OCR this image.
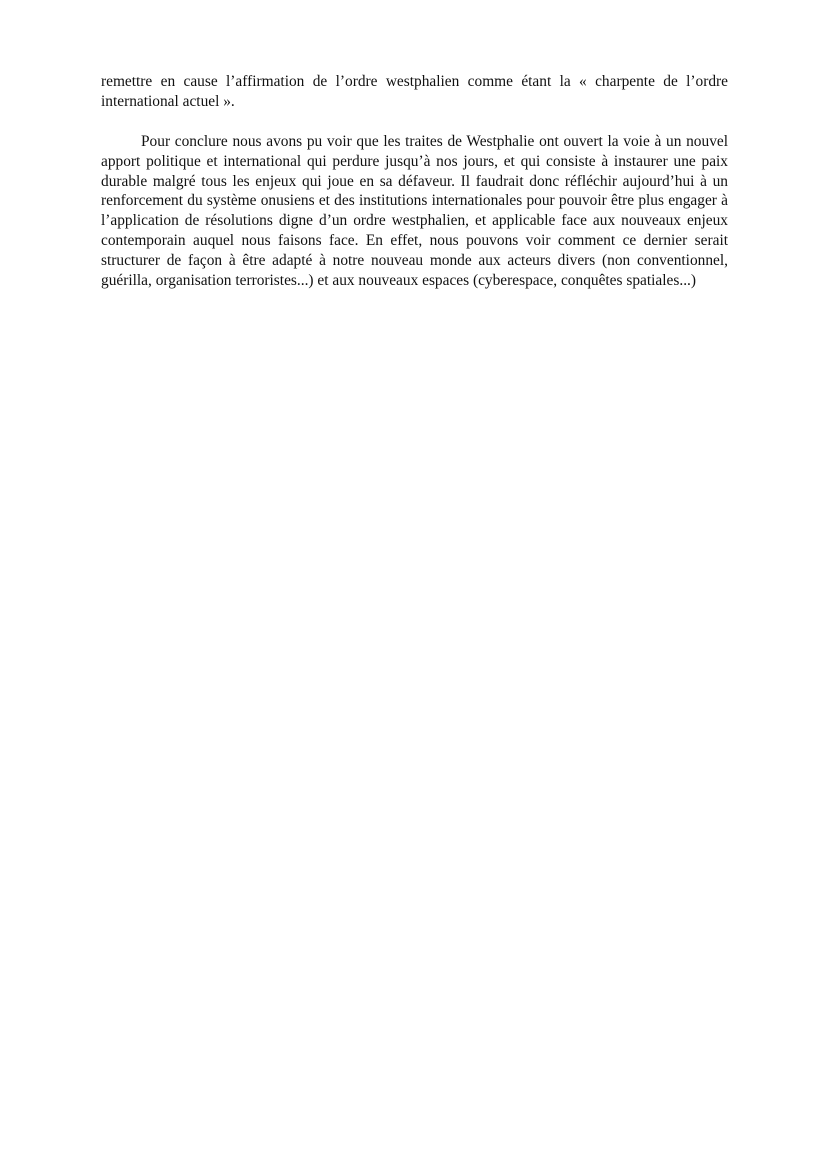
remettre en cause l’affirmation de l’ordre westphalien comme étant la « charpente de l’ordre international actuel ».

Pour conclure nous avons pu voir que les traites de Westphalie ont ouvert la voie à un nouvel apport politique et international qui perdure jusqu’à nos jours, et qui consiste à instaurer une paix durable malgré tous les enjeux qui joue en sa défaveur. Il faudrait donc réfléchir aujourd’hui à un renforcement du système onusiens et des institutions internationales pour pouvoir être plus engager à l’application de résolutions digne d’un ordre westphalien, et applicable face aux nouveaux enjeux contemporain auquel nous faisons face. En effet, nous pouvons voir comment ce dernier serait structurer de façon à être adapté à notre nouveau monde aux acteurs divers (non conventionnel, guérilla, organisation terroristes...) et aux nouveaux espaces (cyberespace, conquêtes spatiales...)
